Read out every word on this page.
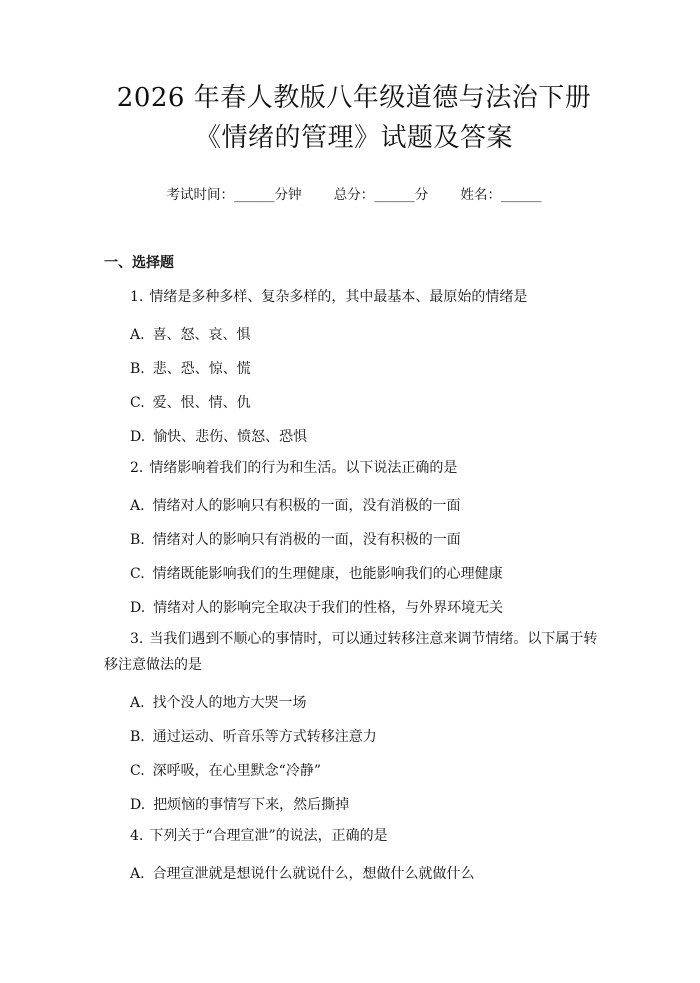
2026 年春人教版八年级道德与法治下册《情绪的管理》试题及答案
考试时间：______分钟 总分：______分 姓名：______
一、选择题
1. 情绪是多种多样、复杂多样的，其中最基本、最原始的情绪是
A. 喜、怒、哀、惧
B. 悲、恐、惊、慌
C. 爱、恨、情、仇
D. 愉快、悲伤、愤怒、恐惧
2. 情绪影响着我们的行为和生活。以下说法正确的是
A. 情绪对人的影响只有积极的一面，没有消极的一面
B. 情绪对人的影响只有消极的一面，没有积极的一面
C. 情绪既能影响我们的生理健康，也能影响我们的心理健康
D. 情绪对人的影响完全取决于我们的性格，与外界环境无关
3. 当我们遇到不顺心的事情时，可以通过转移注意来调节情绪。以下属于转移注意做法的是
A. 找个没人的地方大哭一场
B. 通过运动、听音乐等方式转移注意力
C. 深呼吸，在心里默念“冷静”
D. 把烦恼的事情写下来，然后撕掉
4. 下列关于“合理宣泄”的说法，正确的是
A. 合理宣泄就是想说什么就说什么，想做什么就做什么
